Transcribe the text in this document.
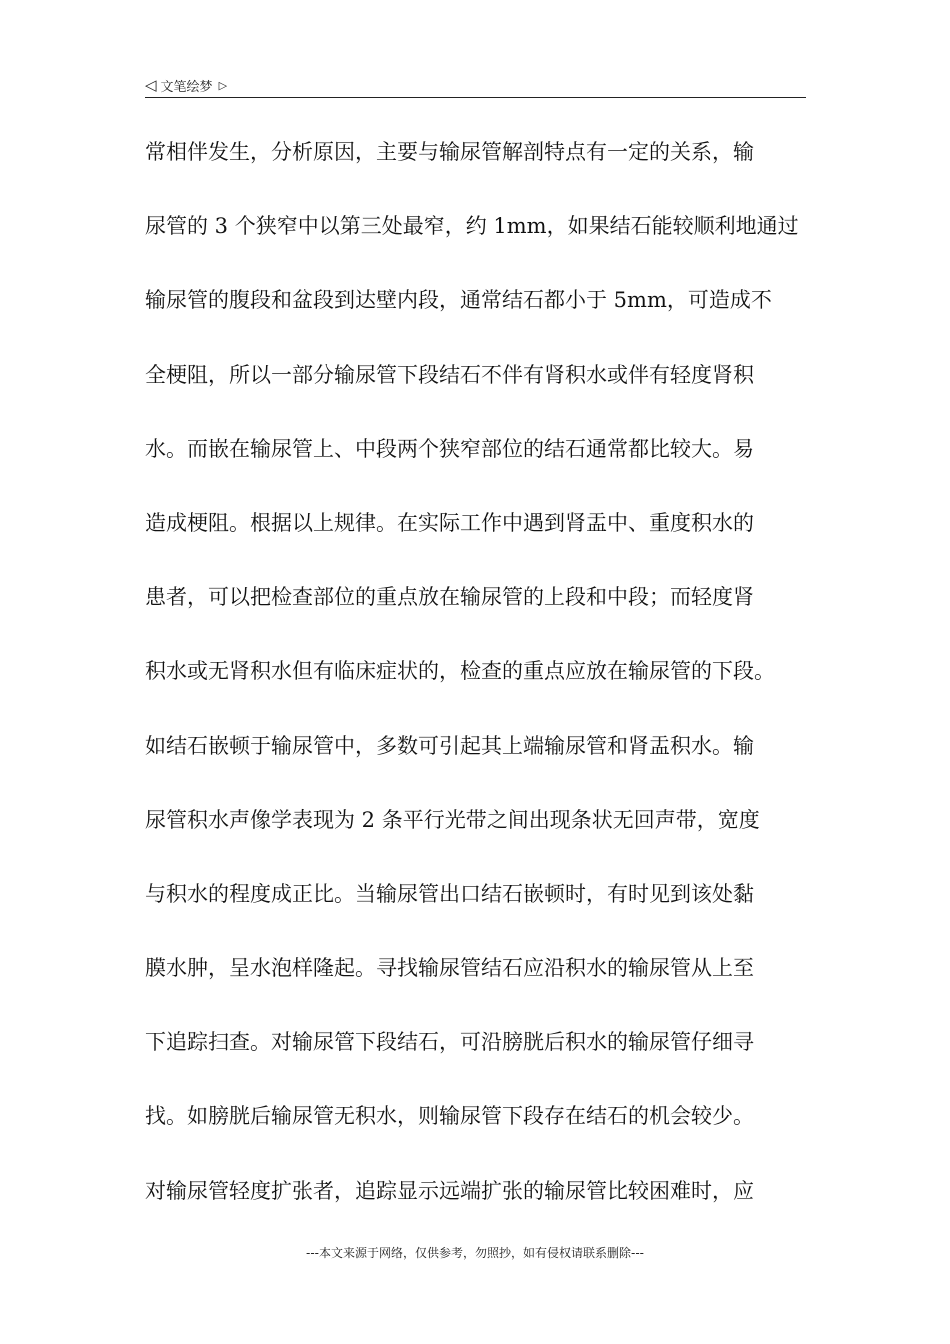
◁ 文笔绘梦 ▷
常相伴发生，分析原因，主要与输尿管解剖特点有一定的关系，输
尿管的 3 个狭窄中以第三处最窄，约 1mm，如果结石能较顺利地通过
输尿管的腹段和盆段到达壁内段，通常结石都小于 5mm，可造成不
全梗阻，所以一部分输尿管下段结石不伴有肾积水或伴有轻度肾积
水。而嵌在输尿管上、中段两个狭窄部位的结石通常都比较大。易
造成梗阻。根据以上规律。在实际工作中遇到肾盂中、重度积水的
患者，可以把检查部位的重点放在输尿管的上段和中段；而轻度肾
积水或无肾积水但有临床症状的，检查的重点应放在输尿管的下段。
如结石嵌顿于输尿管中，多数可引起其上端输尿管和肾盂积水。输
尿管积水声像学表现为 2 条平行光带之间出现条状无回声带，宽度
与积水的程度成正比。当输尿管出口结石嵌顿时，有时见到该处黏
膜水肿，呈水泡样隆起。寻找输尿管结石应沿积水的输尿管从上至
下追踪扫查。对输尿管下段结石，可沿膀胱后积水的输尿管仔细寻
找。如膀胱后输尿管无积水，则输尿管下段存在结石的机会较少。
对输尿管轻度扩张者，追踪显示远端扩张的输尿管比较困难时，应
---本文来源于网络，仅供参考，勿照抄，如有侵权请联系删除---
